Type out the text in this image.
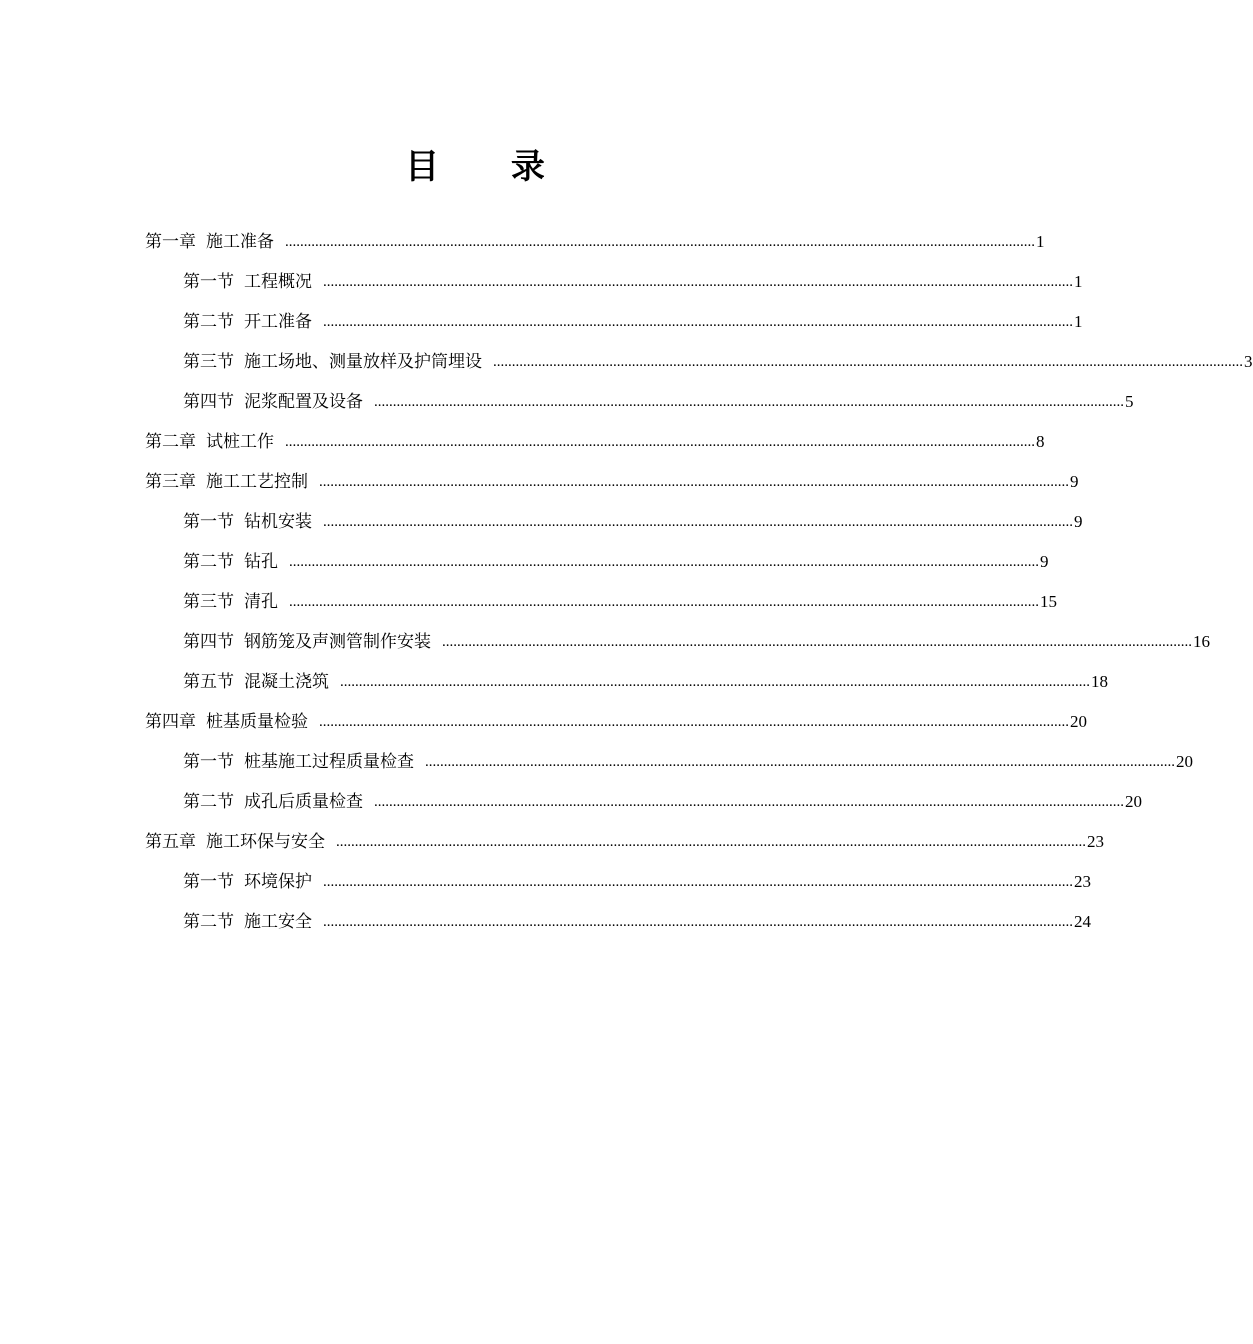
目 录
第一章 施工准备 ........................................................................................................................................................................................................ 1
第一节 工程概况 ........................................................................................................................................................................................................ 1
第二节 开工准备 ........................................................................................................................................................................................................ 1
第三节 施工场地、测量放样及护筒埋设 ........................................................................................................................................................................................................ 3
第四节 泥浆配置及设备 ........................................................................................................................................................................................................ 5
第二章 试桩工作 ........................................................................................................................................................................................................ 8
第三章 施工工艺控制 ........................................................................................................................................................................................................ 9
第一节 钻机安装 ........................................................................................................................................................................................................ 9
第二节 钻孔 ........................................................................................................................................................................................................ 9
第三节 清孔 ........................................................................................................................................................................................................ 15
第四节 钢筋笼及声测管制作安装 ........................................................................................................................................................................................................ 16
第五节 混凝土浇筑 ........................................................................................................................................................................................................ 18
第四章 桩基质量检验 ........................................................................................................................................................................................................ 20
第一节 桩基施工过程质量检查 ........................................................................................................................................................................................................ 20
第二节 成孔后质量检查 ........................................................................................................................................................................................................ 20
第五章 施工环保与安全 ........................................................................................................................................................................................................ 23
第一节 环境保护 ........................................................................................................................................................................................................ 23
第二节 施工安全 ........................................................................................................................................................................................................ 24
